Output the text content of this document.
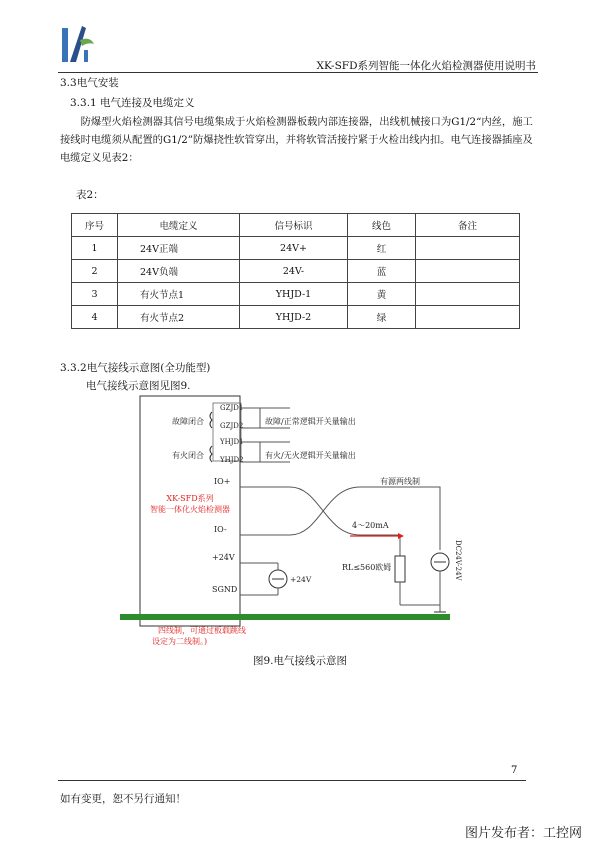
XK-SFD系列智能一体化火焰检测器使用说明书
3.3电气安装
3.3.1 电气连接及电缆定义
防爆型火焰检测器其信号电缆集成于火焰检测器板载内部连接器，出线机械接口为G1/2“内丝，施工接线时电缆须从配置的G1/2”防爆挠性软管穿出，并将软管活接拧紧于火检出线内扣。电气连接器插座及电缆定义见表2：
表2：
序号	电缆定义	信号标识	线色	备注
1	24V正端	24V+	红	
2	24V负端	24V-	蓝	
3	有火节点1	YHJD-1	黄	
4	有火节点2	YHJD-2	绿	
3.3.2电气接线示意图(全功能型)
电气接线示意图见图9.
故障闭合
GZJD1
GZJD2
有火闭合
YHJD1
YHJD2
故障/正常逻辑开关量输出
有火/无火逻辑开关量输出
IO+
IO-
+24V
SGND
XK-SFD系列
智能一体化火焰检测器
有源两线制
4～20mA
RL≤560欧姆
+24V	DC24V-24V
四线制，可通过板载跳线
设定为二线制。)
图9.电气接线示意图
7
如有变更，恕不另行通知！
图片发布者：工控网
